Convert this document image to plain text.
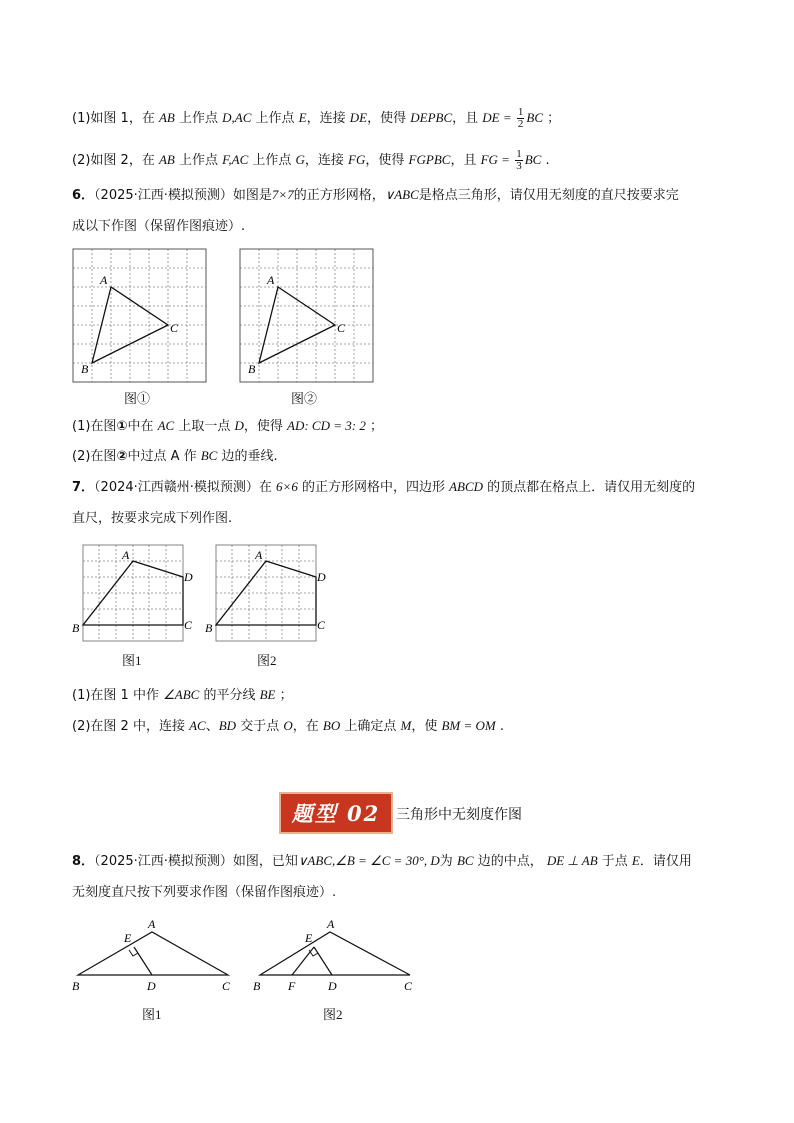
(1)如图 1，在 AB 上作点 D,AC 上作点 E，连接 DE，使得 DEPBC，且 DE = $\frac{1}{2}$ BC ；
(2)如图 2，在 AB 上作点 F,AC 上作点 G，连接 FG，使得 FGPBC，且 FG = $\frac{1}{3}$ BC .
6．（2025·江西·模拟预测）如图是7×7的正方形网格，∨ABC是格点三角形，请仅用无刻度的直尺按要求完
成以下作图（保留作图痕迹）.
A
C
B
图①
A
C
B
图②
(1)在图①中在 AC 上取一点 D，使得 AD: CD = 3: 2 ；
(2)在图②中过点 A 作 BC 边的垂线.
7．（2024·江西赣州·模拟预测）在 6×6 的正方形网格中，四边形 ABCD 的顶点都在格点上．请仅用无刻度的
直尺，按要求完成下列作图.
A
D
C
B
图1
A
D
C
B
图2
(1)在图 1 中作 ∠ABC 的平分线 BE ；
(2)在图 2 中，连接 AC、BD 交于点 O，在 BO 上确定点 M，使 BM = OM .
题型 02 三角形中无刻度作图
8．（2025·江西·模拟预测）如图，已知∨ABC,∠B = ∠C = 30°, D为 BC 边的中点， DE ⊥ AB 于点 E．请仅用
无刻度直尺按下列要求作图（保留作图痕迹）.
A
E
B	D	C
图1
A
E
B F	D	C
图2
